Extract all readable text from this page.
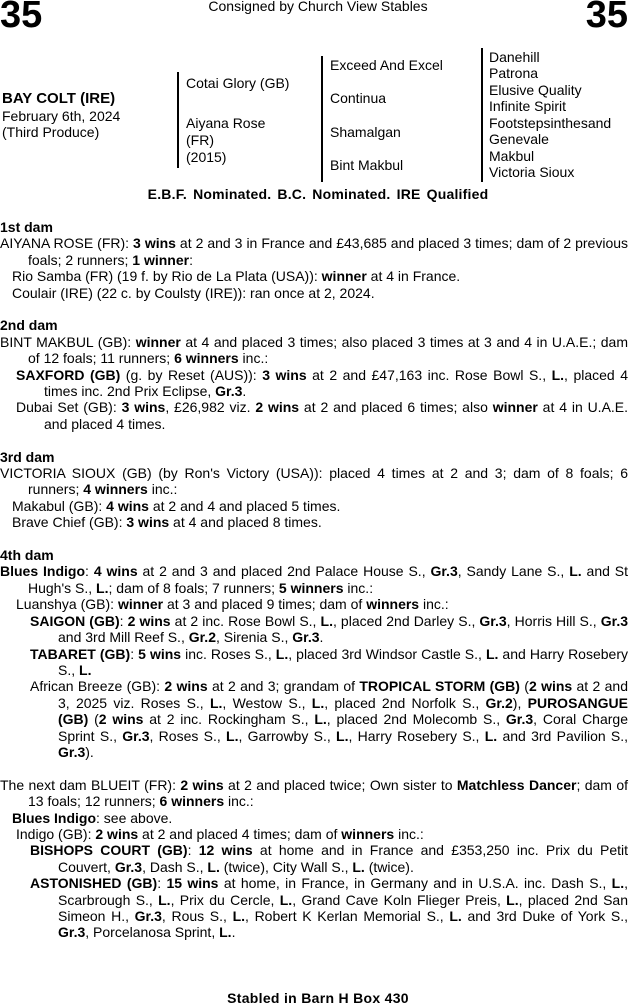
35	Consigned by Church View Stables	35
BAY COLT (IRE)
February 6th, 2024
(Third Produce)
Cotai Glory (GB)
Aiyana Rose
(FR)
(2015)
Exceed And Excel
Continua
Shamalgan
Bint Makbul
Danehill
Patrona
Elusive Quality
Infinite Spirit
Footstepsinthesand
Genevale
Makbul
Victoria Sioux
E.B.F. Nominated. B.C. Nominated. IRE Qualified

1st dam

AIYANA ROSE (FR): 3 wins at 2 and 3 in France and £43,685 and placed 3 times; dam of 2 previous foals; 2 runners; 1 winner:

Rio Samba (FR) (19 f. by Rio de La Plata (USA)): winner at 4 in France.

Coulair (IRE) (22 c. by Coulsty (IRE)): ran once at 2, 2024.

2nd dam

BINT MAKBUL (GB): winner at 4 and placed 3 times; also placed 3 times at 3 and 4 in U.A.E.; dam of 12 foals; 11 runners; 6 winners inc.:

SAXFORD (GB) (g. by Reset (AUS)): 3 wins at 2 and £47,163 inc. Rose Bowl S., L., placed 4 times inc. 2nd Prix Eclipse, Gr.3.

Dubai Set (GB): 3 wins, £26,982 viz. 2 wins at 2 and placed 6 times; also winner at 4 in U.A.E. and placed 4 times.

3rd dam

VICTORIA SIOUX (GB) (by Ron's Victory (USA)): placed 4 times at 2 and 3; dam of 8 foals; 6 runners; 4 winners inc.:

Makabul (GB): 4 wins at 2 and 4 and placed 5 times.

Brave Chief (GB): 3 wins at 4 and placed 8 times.

4th dam

Blues Indigo: 4 wins at 2 and 3 and placed 2nd Palace House S., Gr.3, Sandy Lane S., L. and St Hugh's S., L.; dam of 8 foals; 7 runners; 5 winners inc.:

Luanshya (GB): winner at 3 and placed 9 times; dam of winners inc.:

SAIGON (GB): 2 wins at 2 inc. Rose Bowl S., L., placed 2nd Darley S., Gr.3, Horris Hill S., Gr.3 and 3rd Mill Reef S., Gr.2, Sirenia S., Gr.3.

TABARET (GB): 5 wins inc. Roses S., L., placed 3rd Windsor Castle S., L. and Harry Rosebery S., L.

African Breeze (GB): 2 wins at 2 and 3; grandam of TROPICAL STORM (GB) (2 wins at 2 and 3, 2025 viz. Roses S., L., Westow S., L., placed 2nd Norfolk S., Gr.2), PUROSANGUE (GB) (2 wins at 2 inc. Rockingham S., L., placed 2nd Molecomb S., Gr.3, Coral Charge Sprint S., Gr.3, Roses S., L., Garrowby S., L., Harry Rosebery S., L. and 3rd Pavilion S., Gr.3).

The next dam BLUEIT (FR): 2 wins at 2 and placed twice; Own sister to Matchless Dancer; dam of 13 foals; 12 runners; 6 winners inc.:

Blues Indigo: see above.

Indigo (GB): 2 wins at 2 and placed 4 times; dam of winners inc.:

BISHOPS COURT (GB): 12 wins at home and in France and £353,250 inc. Prix du Petit Couvert, Gr.3, Dash S., L. (twice), City Wall S., L. (twice).

ASTONISHED (GB): 15 wins at home, in France, in Germany and in U.S.A. inc. Dash S., L., Scarbrough S., L., Prix du Cercle, L., Grand Cave Koln Flieger Preis, L., placed 2nd San Simeon H., Gr.3, Rous S., L., Robert K Kerlan Memorial S., L. and 3rd Duke of York S., Gr.3, Porcelanosa Sprint, L..

Stabled in Barn H Box 430
